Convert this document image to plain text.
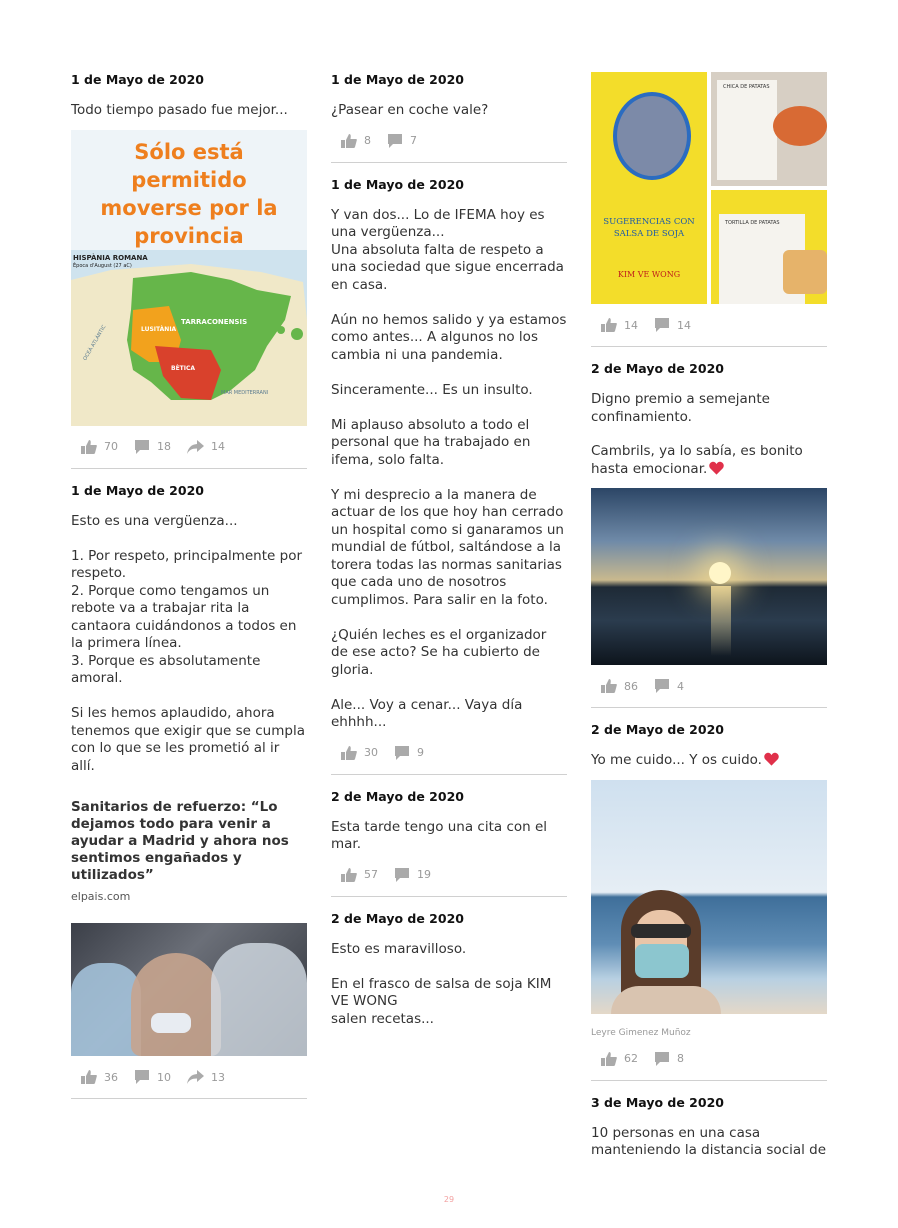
1 de Mayo de 2020
Todo tiempo pasado fue mejor...
Sólo está permitido moverse por la provincia
HISPÀNIA ROMANA
Època d'August (27 aC)
TARRACONENSIS
LUSITÀNIA
BÈTICA
OCEÀ ATLÀNTIC
MAR MEDITERRANI
70	18	14
1 de Mayo de 2020
Esto es una vergüenza...

1. Por respeto, principalmente por respeto.
2. Porque como tengamos un rebote va a trabajar rita la cantaora cuidándonos a todos en la primera línea.
3. Porque es absolutamente amoral.

Si les hemos aplaudido, ahora tenemos que exigir que se cumpla con lo que se les prometió al ir allí.
Sanitarios de refuerzo: “Lo dejamos todo para venir a ayudar a Madrid y ahora nos sentimos engañados y utilizados”
elpais.com
36	10	13
1 de Mayo de 2020
¿Pasear en coche vale?
8	7
1 de Mayo de 2020
Y van dos... Lo de IFEMA hoy es una vergüenza...
Una absoluta falta de respeto a una sociedad que sigue encerrada en casa.

Aún no hemos salido y ya estamos como antes... A algunos no los cambia ni una pandemia.

Sinceramente... Es un insulto.

Mi aplauso absoluto a todo el personal que ha trabajado en ifema, solo falta.

Y mi desprecio a la manera de actuar de los que hoy han cerrado un hospital como si ganaramos un mundial de fútbol, saltándose a la torera todas las normas sanitarias que cada uno de nosotros cumplimos. Para salir en la foto.

¿Quién leches es el organizador de ese acto? Se ha cubierto de gloria.

Ale... Voy a cenar... Vaya día ehhhh...
30	9
2 de Mayo de 2020
Esta tarde tengo una cita con el mar.
57	19
2 de Mayo de 2020
Esto es maravilloso.

En el frasco de salsa de soja KIM VE WONG
salen recetas...
SUGERENCIAS CON SALSA DE SOJA
KIM VE WONG
CHICA DE PATATAS
TORTILLA DE PATATAS
14	14
2 de Mayo de 2020
Digno premio a semejante confinamiento.
Cambrils, ya lo sabía, es bonito hasta emocionar.
86	4
2 de Mayo de 2020
Yo me cuido... Y os cuido.
Leyre Gimenez Muñoz
62	8
3 de Mayo de 2020
10 personas en una casa manteniendo la distancia social de
29
